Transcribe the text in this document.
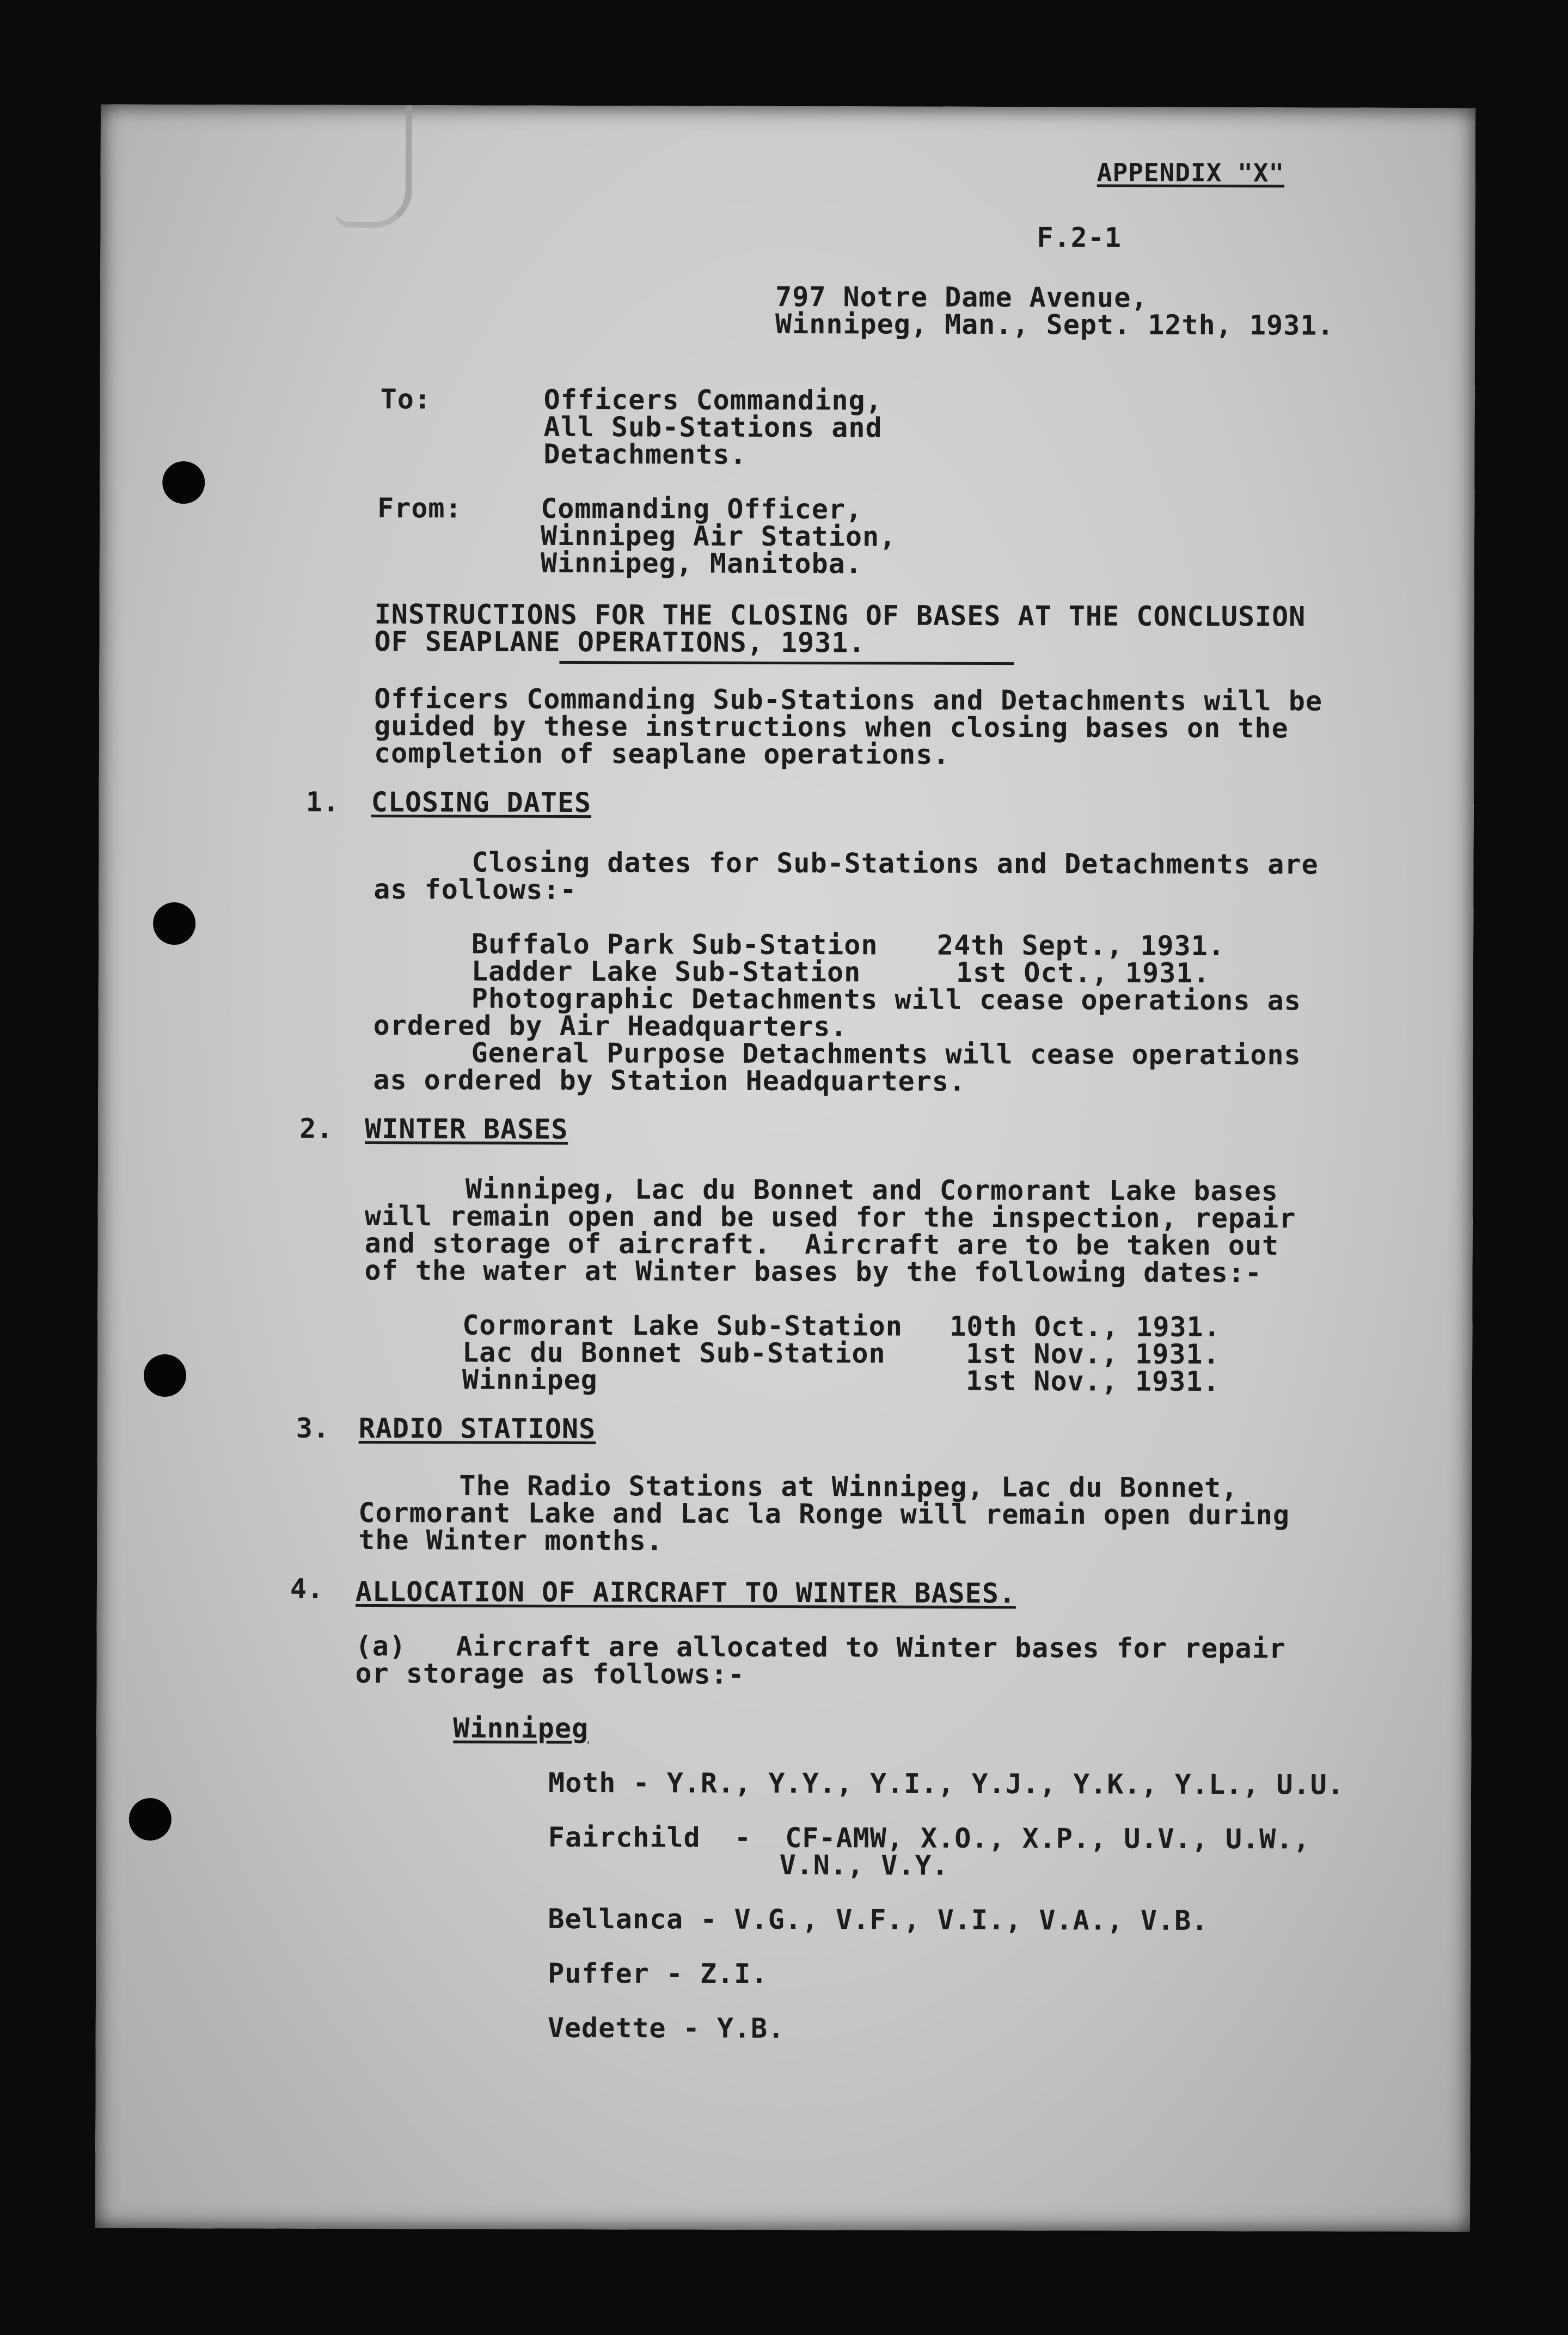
APPENDIX "X"
F.2-1
797 Notre Dame Avenue,
Winnipeg, Man., Sept. 12th, 1931.
To:	Officers Commanding,
All Sub-Stations and
Detachments.
From:	Commanding Officer,
Winnipeg Air Station,
Winnipeg, Manitoba.
INSTRUCTIONS FOR THE CLOSING OF BASES AT THE CONCLUSION
OF SEAPLANE OPERATIONS, 1931.
Officers Commanding Sub-Stations and Detachments will be
guided by these instructions when closing bases on the
completion of seaplane operations.
1. CLOSING DATES
Closing dates for Sub-Stations and Detachments are
as follows:-
Buffalo Park Sub-Station 24th Sept., 1931.
Ladder Lake Sub-Station	1st Oct., 1931.
Photographic Detachments will cease operations as
ordered by Air Headquarters.
General Purpose Detachments will cease operations
as ordered by Station Headquarters.
2. WINTER BASES
Winnipeg, Lac du Bonnet and Cormorant Lake bases
will remain open and be used for the inspection, repair
and storage of aircraft.  Aircraft are to be taken out
of the water at Winter bases by the following dates:-
Cormorant Lake Sub-Station 10th Oct., 1931.
Lac du Bonnet Sub-Station	1st Nov., 1931.
Winnipeg	1st Nov., 1931.
3. RADIO STATIONS
The Radio Stations at Winnipeg, Lac du Bonnet,
Cormorant Lake and Lac la Ronge will remain open during
the Winter months.
4. ALLOCATION OF AIRCRAFT TO WINTER BASES.
(a) Aircraft are allocated to Winter bases for repair
or storage as follows:-
Winnipeg
Moth - Y.R., Y.Y., Y.I., Y.J., Y.K., Y.L., U.U.
Fairchild  -  CF-AMW, X.O., X.P., U.V., U.W.,
V.N., V.Y.
Bellanca - V.G., V.F., V.I., V.A., V.B.
Puffer - Z.I.
Vedette - Y.B.
